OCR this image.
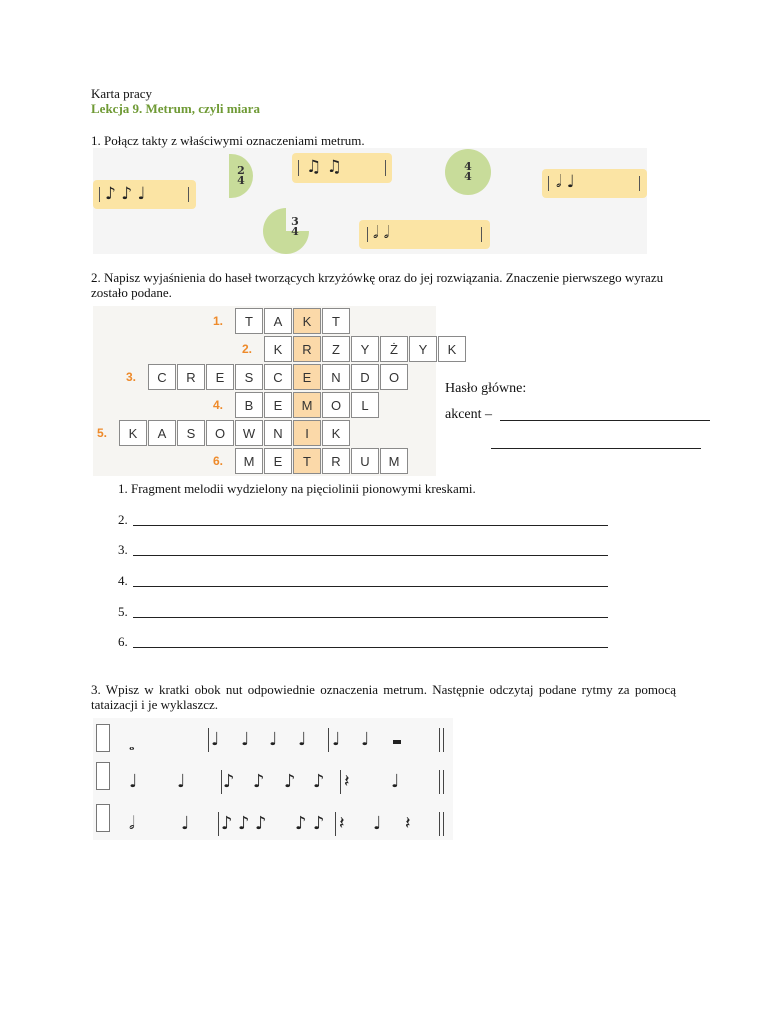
Karta pracy
Lekcja 9. Metrum, czyli miara
1. Połącz takty z właściwymi oznaczeniami metrum.
♪ ♪ ♩
2
4
♫ ♫	4
4	𝅗𝅥 ♩
3
4	𝅗𝅥 𝅗𝅥
2. Napisz wyjaśnienia do haseł tworzących krzyżówkę oraz do jej rozwiązania. Znaczenie pierwszego wyrazu zostało podane.
1.	T	A	K	T
2.	K	R	Z	Y	Ż	Y	K
3.	C	R	E	S	C	E	N	D	O
4.	B	E	M	O	L
5.	K	A	S	O	W	N	I	K
6.	M	E	T	R	U	M
Hasło główne:
akcent –
1. Fragment melodii wydzielony na pięciolinii pionowymi kreskami.
2.
3.
4.
5.
6.
3. Wpisz w kratki obok nut odpowiednie oznaczenia metrum. Następnie odczytaj podane rytmy za pomocą tataizacji i je wyklaszcz.
𝅝	♩ ♩ ♩ ♩ ♩ ♩
♩ ♩ ♪ ♪ ♪ ♪ 𝄽 ♩
𝅗𝅥	♩ ♪ ♪ ♪ ♪ ♪ 𝄽 ♩ 𝄽
